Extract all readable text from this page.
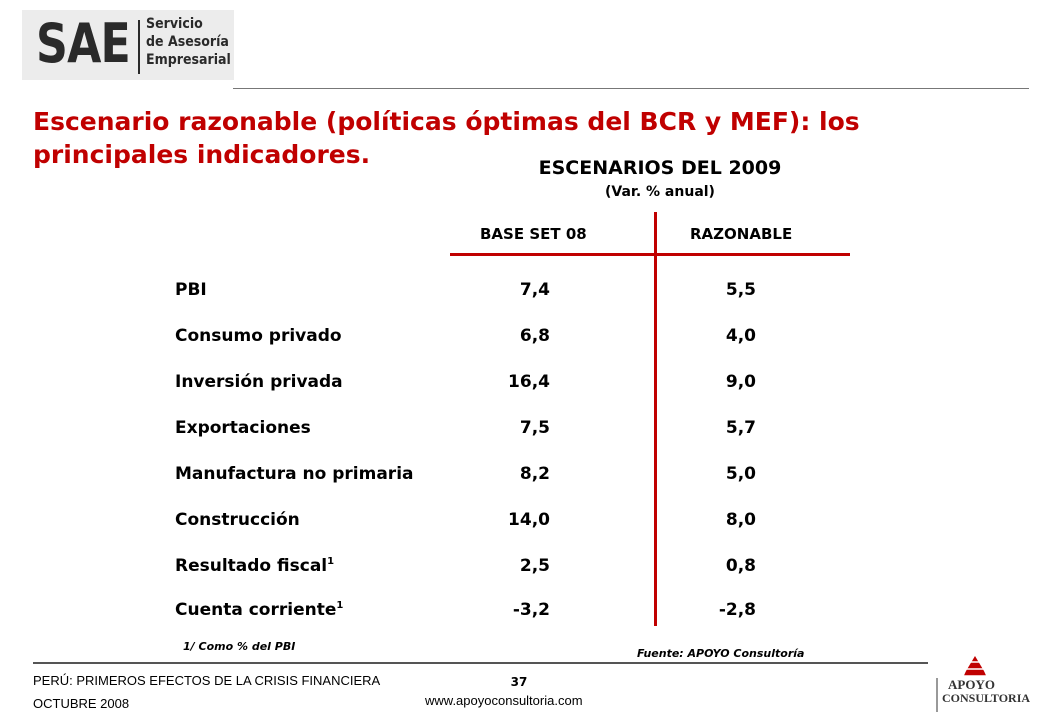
SAE Servicio
de Asesoría
Empresarial
Escenario razonable (políticas óptimas del BCR y MEF): los principales indicadores.	ESCENARIOS DEL 2009
(Var. % anual)
BASE SET 08	RAZONABLE
PBI	7,4	5,5
Consumo privado	6,8	4,0
Inversión privada	16,4	9,0
Exportaciones	7,5	5,7
Manufactura no primaria	8,2	5,0
Construcción	14,0	8,0
Resultado fiscal$^1$	2,5	0,8
Cuenta corriente$^1$	-3,2	-2,8
1/ Como % del PBI
Fuente: APOYO Consultoría
PERÚ: PRIMEROS EFECTOS DE LA CRISIS FINANCIERA
OCTUBRE 2008
37
www.apoyoconsultoria.com
APOYO
CONSULTORIA
